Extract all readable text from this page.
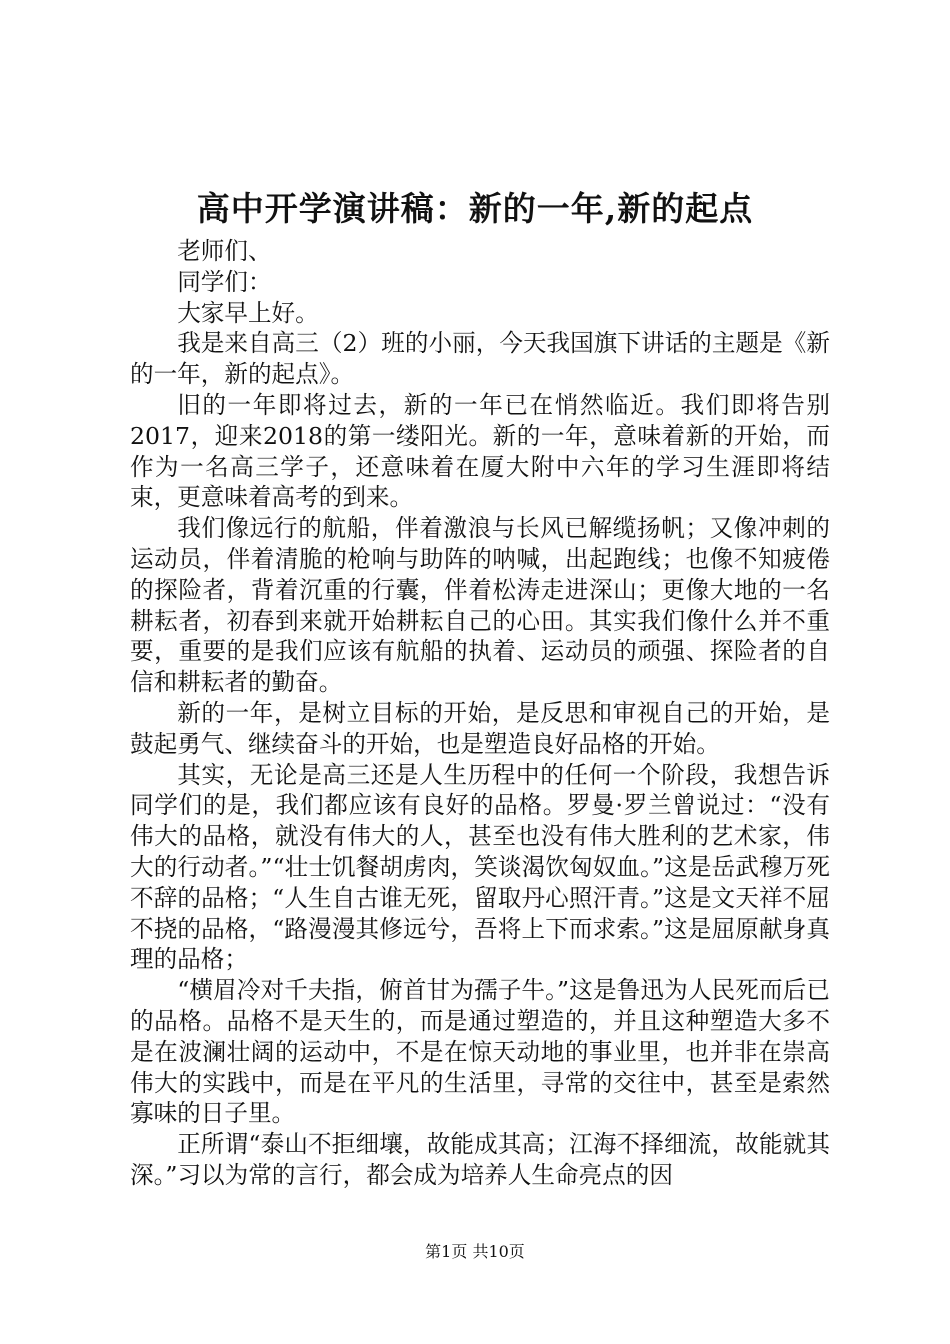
高中开学演讲稿：新的一年,新的起点

老师们、

同学们：

大家早上好。

我是来自高三（2）班的小丽，今天我国旗下讲话的主题是《新的一年，新的起点》。

旧的一年即将过去，新的一年已在悄然临近。我们即将告别2017，迎来2018的第一缕阳光。新的一年，意味着新的开始，而作为一名高三学子，还意味着在厦大附中六年的学习生涯即将结束，更意味着高考的到来。

我们像远行的航船，伴着激浪与长风已解缆扬帆；又像冲刺的运动员，伴着清脆的枪响与助阵的呐喊，出起跑线；也像不知疲倦的探险者，背着沉重的行囊，伴着松涛走进深山；更像大地的一名耕耘者，初春到来就开始耕耘自己的心田。其实我们像什么并不重要，重要的是我们应该有航船的执着、运动员的顽强、探险者的自信和耕耘者的勤奋。

新的一年，是树立目标的开始，是反思和审视自己的开始，是鼓起勇气、继续奋斗的开始，也是塑造良好品格的开始。

其实，无论是高三还是人生历程中的任何一个阶段，我想告诉同学们的是，我们都应该有良好的品格。罗曼·罗兰曾说过：“没有伟大的品格，就没有伟大的人，甚至也没有伟大胜利的艺术家，伟大的行动者。”“壮士饥餐胡虏肉，笑谈渴饮匈奴血。”这是岳武穆万死不辞的品格；“人生自古谁无死，留取丹心照汗青。”这是文天祥不屈不挠的品格，“路漫漫其修远兮，吾将上下而求索。”这是屈原献身真理的品格；

“横眉冷对千夫指，俯首甘为孺子牛。”这是鲁迅为人民死而后已的品格。品格不是天生的，而是通过塑造的，并且这种塑造大多不是在波澜壮阔的运动中，不是在惊天动地的事业里，也并非在崇高伟大的实践中，而是在平凡的生活里，寻常的交往中，甚至是索然寡味的日子里。

正所谓“泰山不拒细壤，故能成其高；江海不择细流，故能就其深。”习以为常的言行，都会成为培养人生命亮点的因

第1页 共10页
